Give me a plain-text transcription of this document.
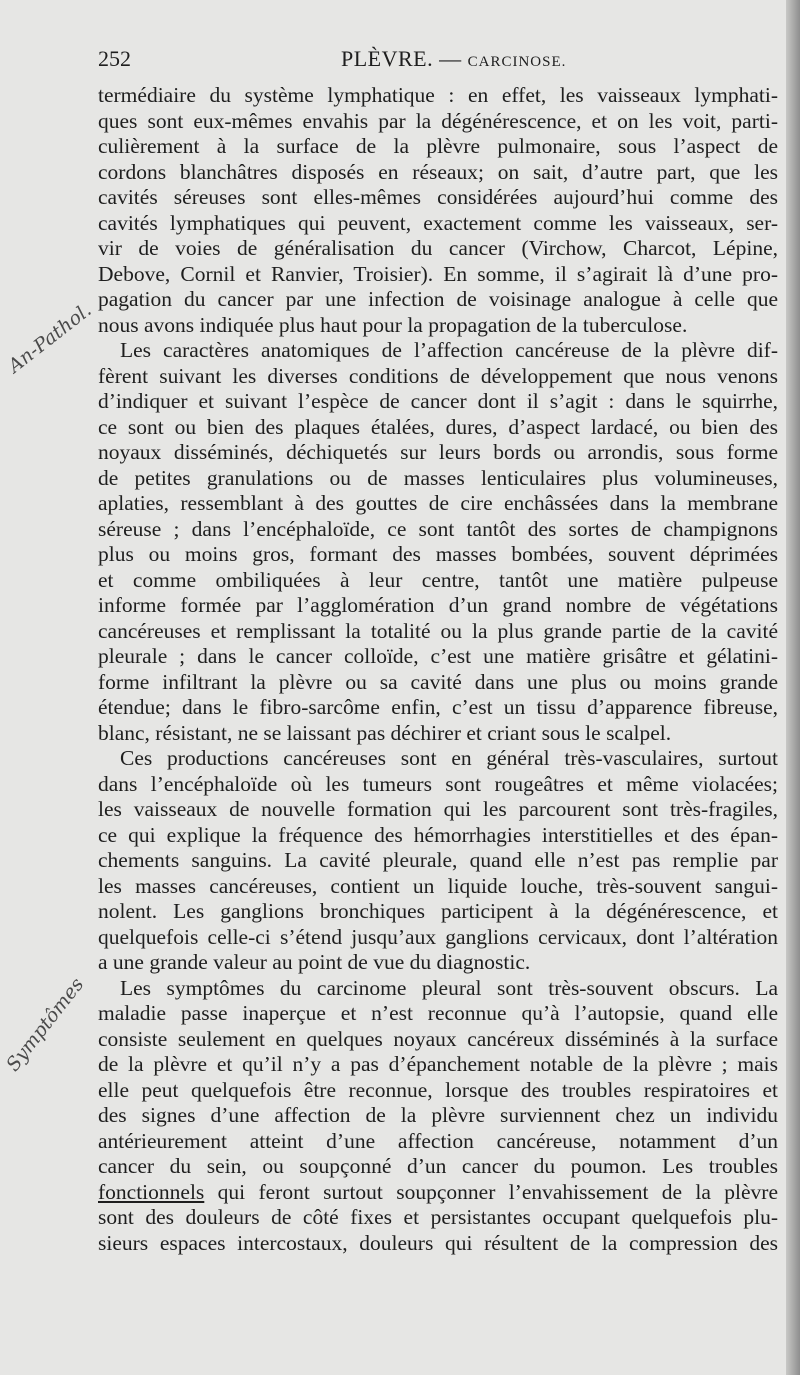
252	PLÈVRE. — CARCINOSE.
An-Pathol.
Symptômes
termédiaire du système lymphatique : en effet, les vaisseaux lymphati-
ques sont eux-mêmes envahis par la dégénérescence, et on les voit, parti-
culièrement à la surface de la plèvre pulmonaire, sous l’aspect de
cordons blanchâtres disposés en réseaux; on sait, d’autre part, que les
cavités séreuses sont elles-mêmes considérées aujourd’hui comme des
cavités lymphatiques qui peuvent, exactement comme les vaisseaux, ser-
vir de voies de généralisation du cancer (Virchow, Charcot, Lépine,
Debove, Cornil et Ranvier, Troisier). En somme, il s’agirait là d’une pro-
pagation du cancer par une infection de voisinage analogue à celle que
nous avons indiquée plus haut pour la propagation de la tuberculose.
Les caractères anatomiques de l’affection cancéreuse de la plèvre dif-
fèrent suivant les diverses conditions de développement que nous venons
d’indiquer et suivant l’espèce de cancer dont il s’agit : dans le squirrhe,
ce sont ou bien des plaques étalées, dures, d’aspect lardacé, ou bien des
noyaux disséminés, déchiquetés sur leurs bords ou arrondis, sous forme
de petites granulations ou de masses lenticulaires plus volumineuses,
aplaties, ressemblant à des gouttes de cire enchâssées dans la membrane
séreuse ; dans l’encéphaloïde, ce sont tantôt des sortes de champignons
plus ou moins gros, formant des masses bombées, souvent déprimées
et comme ombiliquées à leur centre, tantôt une matière pulpeuse
informe formée par l’agglomération d’un grand nombre de végétations
cancéreuses et remplissant la totalité ou la plus grande partie de la cavité
pleurale ; dans le cancer colloïde, c’est une matière grisâtre et gélatini-
forme infiltrant la plèvre ou sa cavité dans une plus ou moins grande
étendue; dans le fibro-sarcôme enfin, c’est un tissu d’apparence fibreuse,
blanc, résistant, ne se laissant pas déchirer et criant sous le scalpel.
Ces productions cancéreuses sont en général très-vasculaires, surtout
dans l’encéphaloïde où les tumeurs sont rougeâtres et même violacées;
les vaisseaux de nouvelle formation qui les parcourent sont très-fragiles,
ce qui explique la fréquence des hémorrhagies interstitielles et des épan-
chements sanguins. La cavité pleurale, quand elle n’est pas remplie par
les masses cancéreuses, contient un liquide louche, très-souvent sangui-
nolent. Les ganglions bronchiques participent à la dégénérescence, et
quelquefois celle-ci s’étend jusqu’aux ganglions cervicaux, dont l’altération
a une grande valeur au point de vue du diagnostic.
Les symptômes du carcinome pleural sont très-souvent obscurs. La
maladie passe inaperçue et n’est reconnue qu’à l’autopsie, quand elle
consiste seulement en quelques noyaux cancéreux disséminés à la surface
de la plèvre et qu’il n’y a pas d’épanchement notable de la plèvre ; mais
elle peut quelquefois être reconnue, lorsque des troubles respiratoires et
des signes d’une affection de la plèvre surviennent chez un individu
antérieurement atteint d’une affection cancéreuse, notamment d’un
cancer du sein, ou soupçonné d’un cancer du poumon. Les troubles
fonctionnels qui feront surtout soupçonner l’envahissement de la plèvre
sont des douleurs de côté fixes et persistantes occupant quelquefois plu-
sieurs espaces intercostaux, douleurs qui résultent de la compression des
